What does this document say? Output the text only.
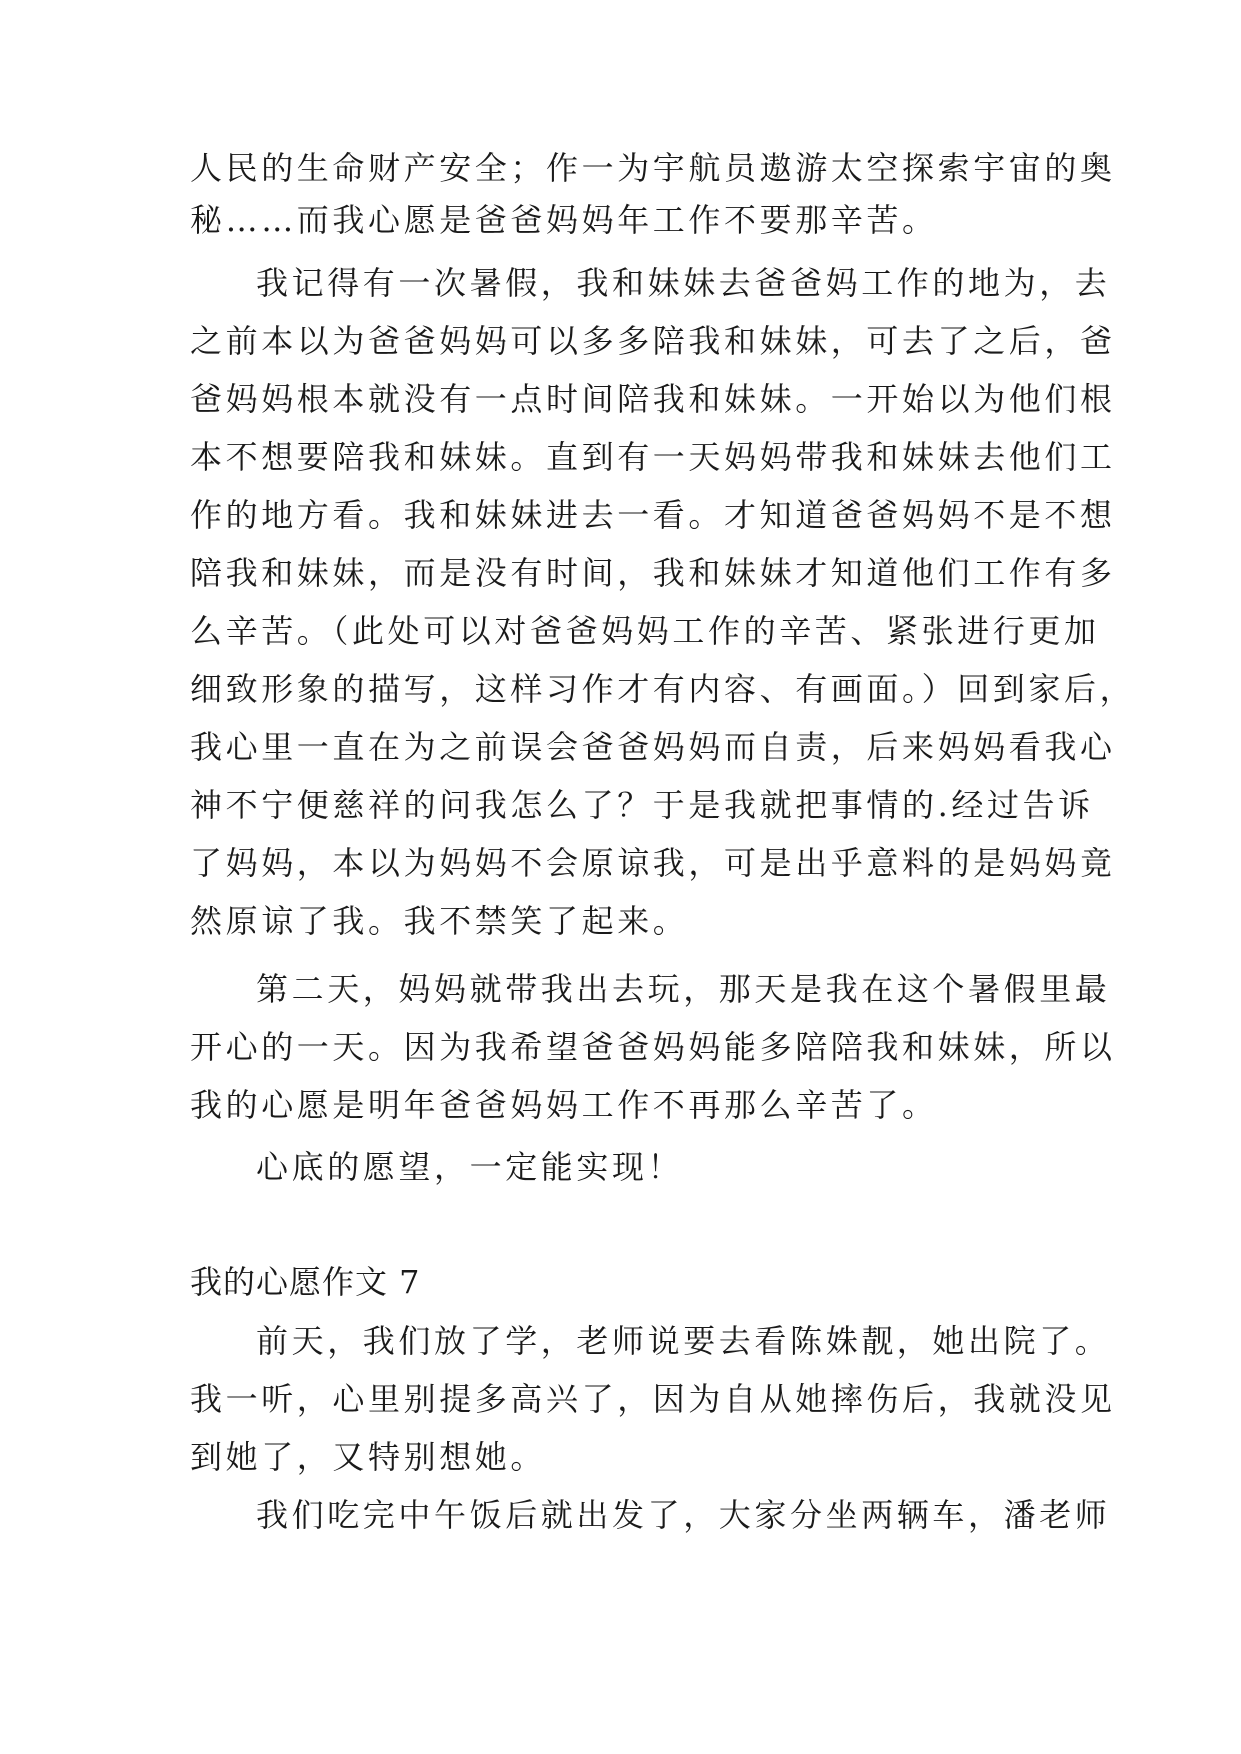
人民的生命财产安全；作一为宇航员遨游太空探索宇宙的奥
秘……而我心愿是爸爸妈妈年工作不要那辛苦。
我记得有一次暑假，我和妹妹去爸爸妈工作的地为，去
之前本以为爸爸妈妈可以多多陪我和妹妹，可去了之后，爸
爸妈妈根本就没有一点时间陪我和妹妹。一开始以为他们根
本不想要陪我和妹妹。直到有一天妈妈带我和妹妹去他们工
作的地方看。我和妹妹进去一看。才知道爸爸妈妈不是不想
陪我和妹妹，而是没有时间，我和妹妹才知道他们工作有多
么辛苦。（此处可以对爸爸妈妈工作的辛苦、紧张进行更加
细致形象的描写，这样习作才有内容、有画面。）回到家后，
我心里一直在为之前误会爸爸妈妈而自责，后来妈妈看我心
神不宁便慈祥的问我怎么了？于是我就把事情的.经过告诉
了妈妈，本以为妈妈不会原谅我，可是出乎意料的是妈妈竟
然原谅了我。我不禁笑了起来。
第二天，妈妈就带我出去玩，那天是我在这个暑假里最
开心的一天。因为我希望爸爸妈妈能多陪陪我和妹妹，所以
我的心愿是明年爸爸妈妈工作不再那么辛苦了。
心底的愿望，一定能实现！
我的心愿作文 7
前天，我们放了学，老师说要去看陈姝靓，她出院了。
我一听，心里别提多高兴了，因为自从她摔伤后，我就没见
到她了，又特别想她。
我们吃完中午饭后就出发了，大家分坐两辆车，潘老师
